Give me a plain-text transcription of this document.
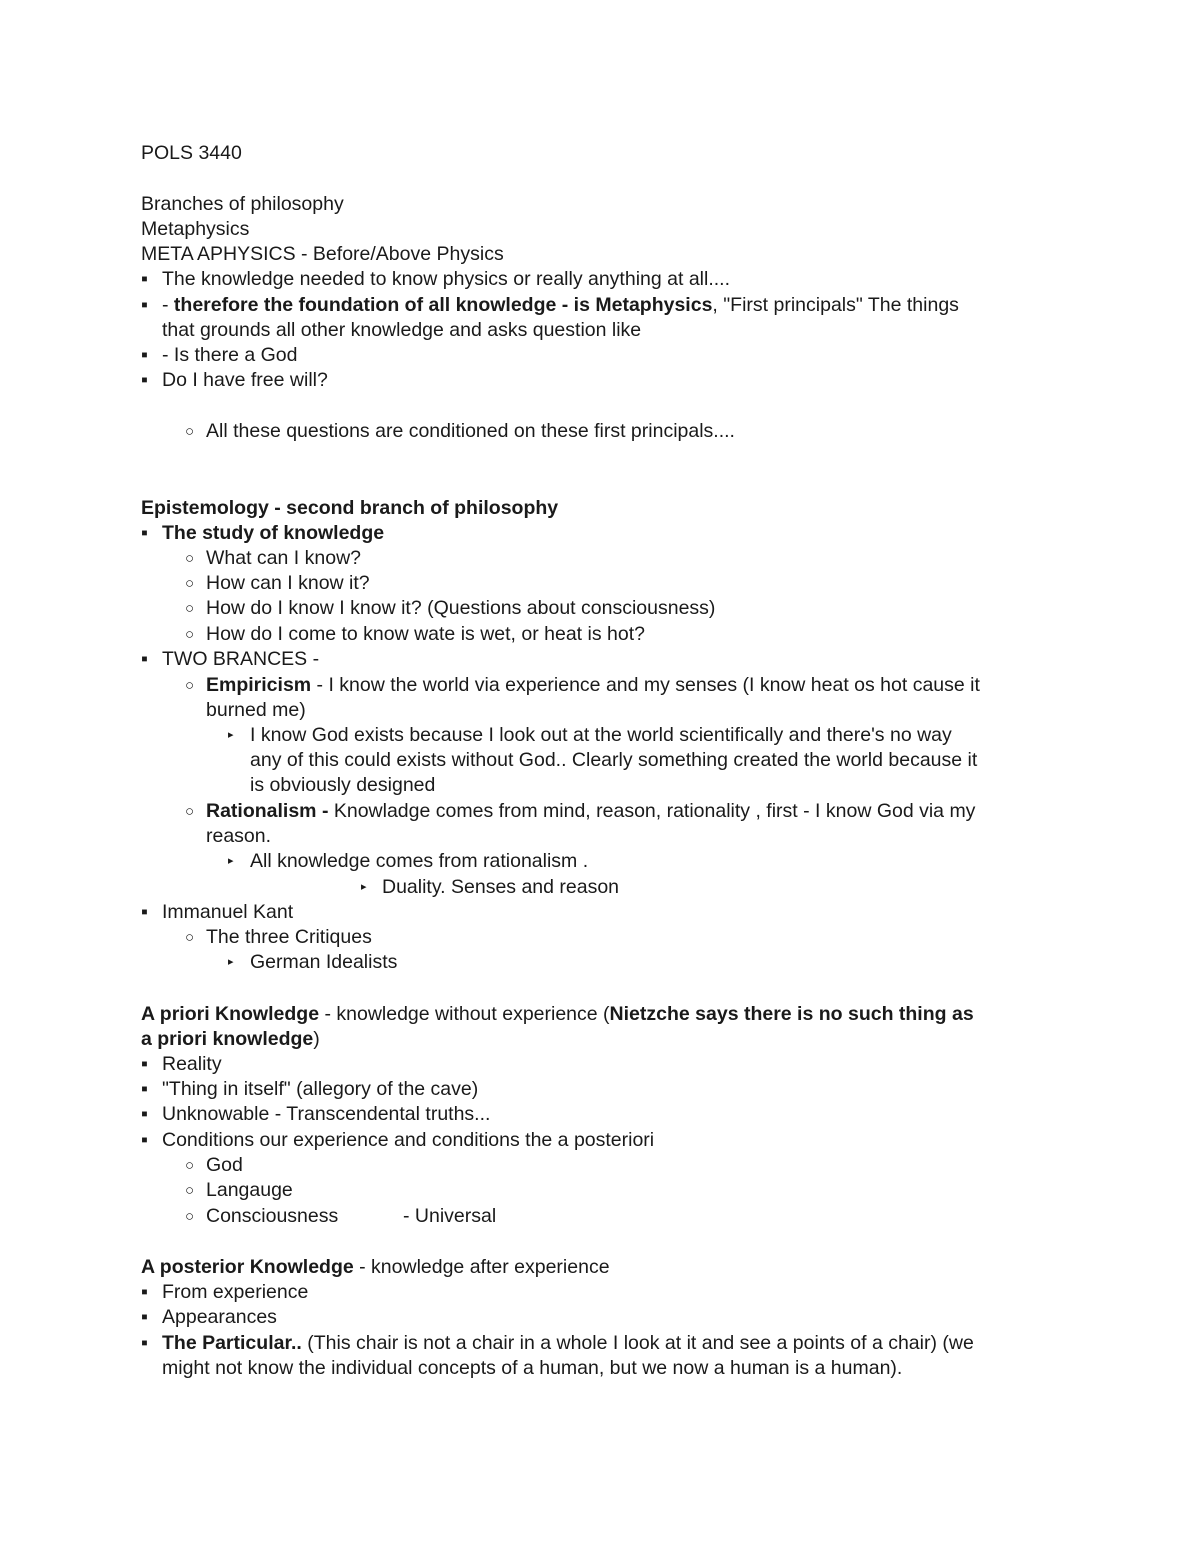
POLS 3440
Branches of philosophy
Metaphysics
META APHYSICS - Before/Above Physics
▪ The knowledge needed to know physics or really anything at all....
▪ - therefore the foundation of all knowledge - is Metaphysics, "First principals" The things
that grounds all other knowledge and asks question like
▪ - Is there a God
▪ Do I have free will?
○ All these questions are conditioned on these first principals....
Epistemology - second branch of philosophy
▪ The study of knowledge
○ What can I know?
○ How can I know it?
○ How do I know I know it? (Questions about consciousness)
○ How do I come to know wate is wet, or heat is hot?
▪ TWO BRANCES -
○ Empiricism - I know the world via experience and my senses (I know heat os hot cause it
burned me)
▸ I know God exists because I look out at the world scientifically and there's no way
any of this could exists without God.. Clearly something created the world because it
is obviously designed
○ Rationalism - Knowladge comes from mind, reason, rationality , first - I know God via my
reason.
▸ All knowledge comes from rationalism .
▸ Duality. Senses and reason
▪ Immanuel Kant
○ The three Critiques
▸ German Idealists
A priori Knowledge - knowledge without experience (Nietzche says there is no such thing as
a priori knowledge)
▪ Reality
▪ "Thing in itself" (allegory of the cave)
▪ Unknowable - Transcendental truths...
▪ Conditions our experience and conditions the a posteriori
○ God
○ Langauge
○ Consciousness	- Universal
A posterior Knowledge - knowledge after experience
▪ From experience
▪ Appearances
▪ The Particular.. (This chair is not a chair in a whole I look at it and see a points of a chair) (we
might not know the individual concepts of a human, but we now a human is a human).
